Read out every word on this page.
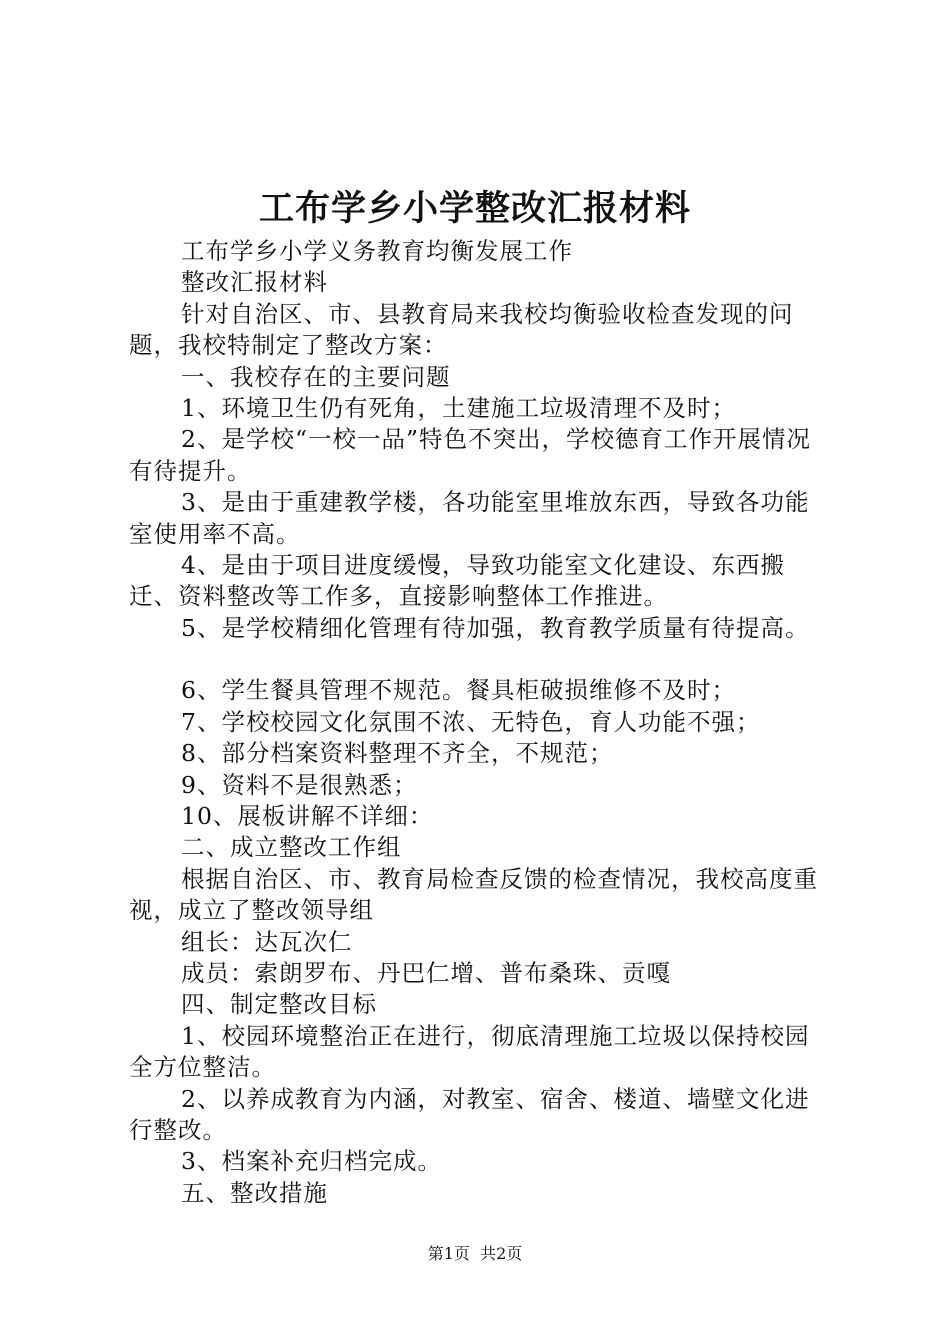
工布学乡小学整改汇报材料

工布学乡小学义务教育均衡发展工作

整改汇报材料

针对自治区、市、县教育局来我校均衡验收检查发现的问题，我校特制定了整改方案：

一、我校存在的主要问题

1、环境卫生仍有死角，土建施工垃圾清理不及时；

2、是学校“一校一品”特色不突出，学校德育工作开展情况有待提升。

3、是由于重建教学楼，各功能室里堆放东西，导致各功能室使用率不高。

4、是由于项目进度缓慢，导致功能室文化建设、东西搬迁、资料整改等工作多，直接影响整体工作推进。

5、是学校精细化管理有待加强，教育教学质量有待提高。

6、学生餐具管理不规范。餐具柜破损维修不及时；

7、学校校园文化氛围不浓、无特色，育人功能不强；

8、部分档案资料整理不齐全，不规范；

9、资料不是很熟悉；

10、展板讲解不详细：

二、成立整改工作组

根据自治区、市、教育局检查反馈的检查情况，我校高度重视，成立了整改领导组

组长：达瓦次仁

成员：索朗罗布、丹巴仁增、普布桑珠、贡嘎

四、制定整改目标

1、校园环境整治正在进行，彻底清理施工垃圾以保持校园全方位整洁。

2、以养成教育为内涵，对教室、宿舍、楼道、墙壁文化进行整改。

3、档案补充归档完成。

五、整改措施

第1页  共2页
